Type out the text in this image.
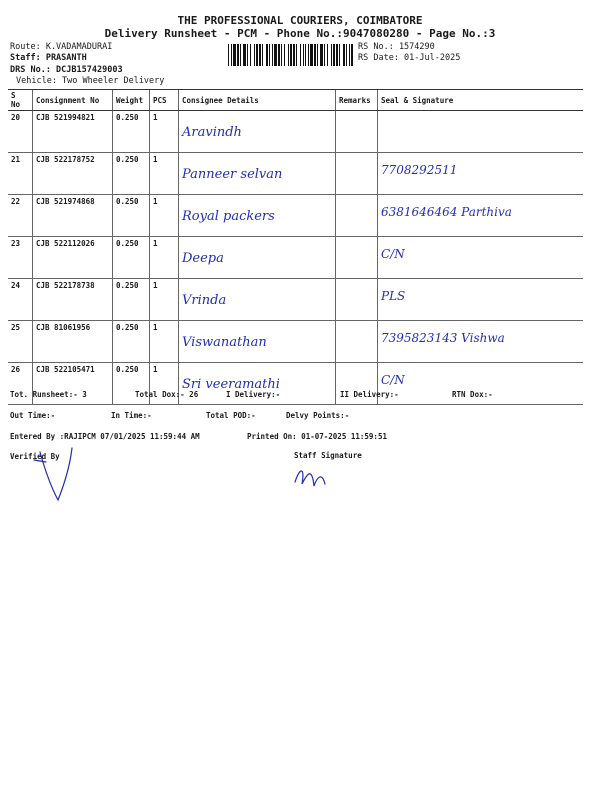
THE PROFESSIONAL COURIERS, COIMBATORE
Delivery Runsheet - PCM - Phone No.:9047080280 - Page No.:3
Route: K.VADAMADURAI
Staff: PRASANTH
DRS No.: DCJB157429003
Vehicle: Two Wheeler Delivery
RS No.: 1574290
RS Date: 01-Jul-2025
S No	Consignment No	Weight	PCS	Consignee Details	Remarks	Seal & Signature
20	CJB 521994821	0.250	1	Aravindh		
21	CJB 522178752	0.250	1	Panneer selvan		7708292511
22	CJB 521974868	0.250	1	Royal packers		6381646464 Parthiva
23	CJB 522112026	0.250	1	Deepa		C/N
24	CJB 522178738	0.250	1	Vrinda		PLS
25	CJB 81061956	0.250	1	Viswanathan		7395823143 Vishwa
26	CJB 522105471	0.250	1	Sri veeramathi		C/N
Tot. Runsheet:- 3	Total Dox:- 26	I Delivery:-	II Delivery:-	RTN Dox:-
Out Time:-	In Time:-	Total POD:-	Delvy Points:-
Entered By :RAJIPCM 07/01/2025 11:59:44 AM	Printed On: 01-07-2025 11:59:51
Verified By	Staff Signature
